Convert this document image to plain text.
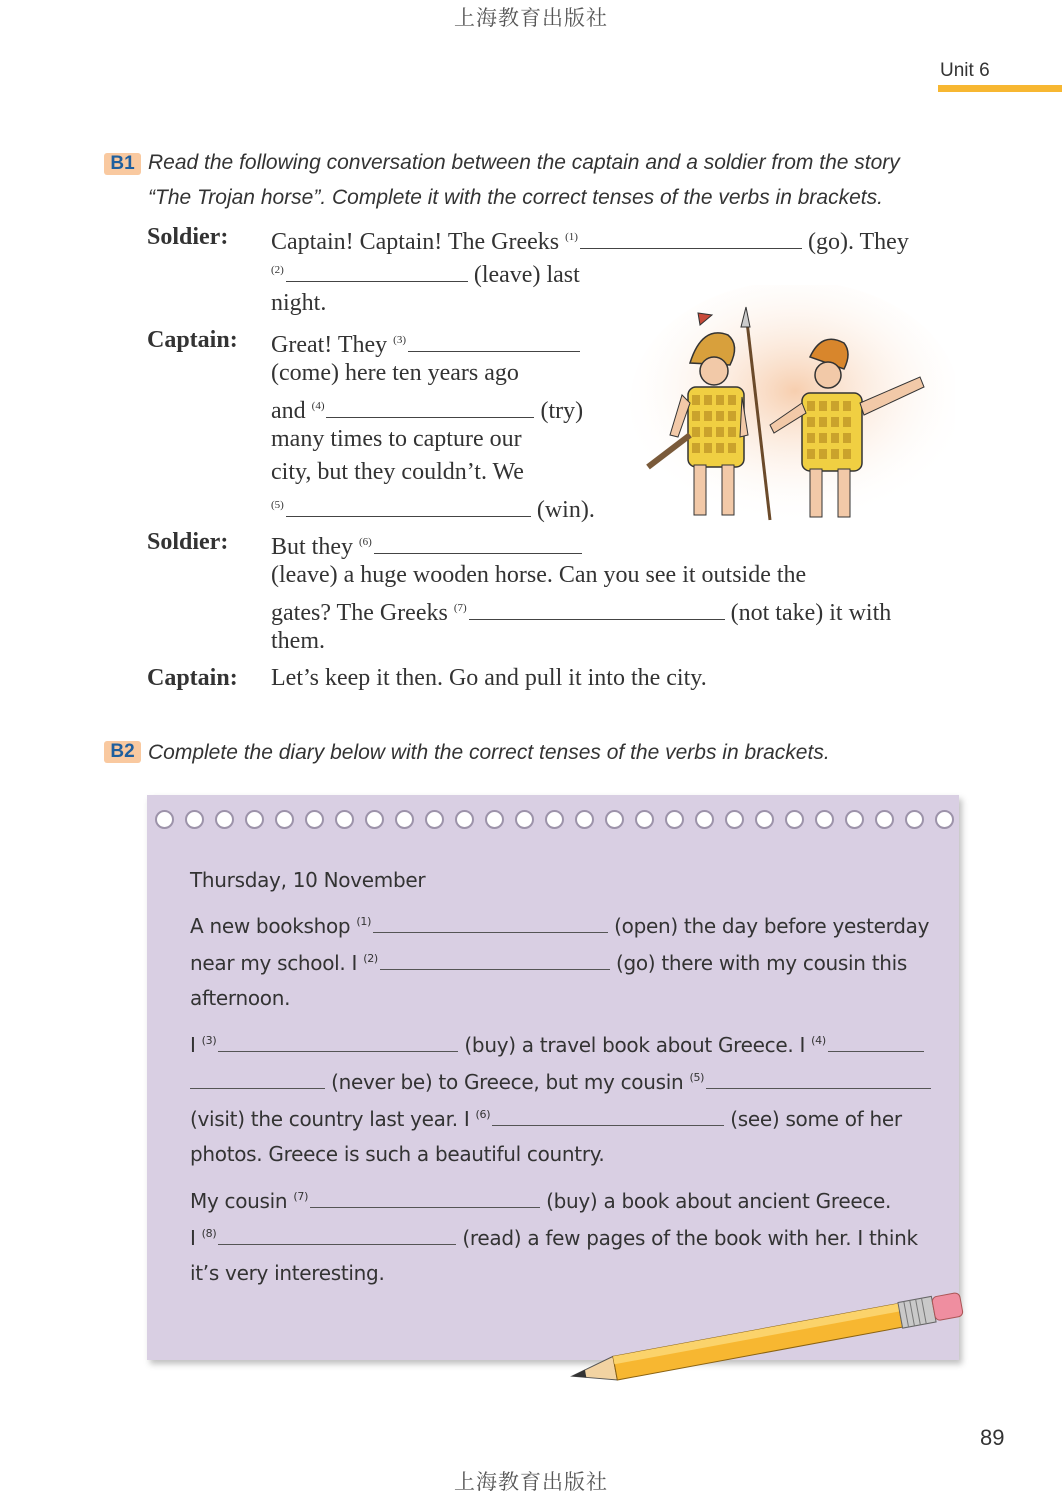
上海教育出版社
Unit 6
B1 Read the following conversation between the captain and a soldier from the story
“The Trojan horse”. Complete it with the correct tenses of the verbs in brackets.
Soldier: Captain! Captain! The Greeks $^{(1)}$	(go). They
$^{(2)}$	(leave) last
night.
Captain: Great! They $^{(3)}$
(come) here ten years ago
and $^{(4)}$	(try)
many times to capture our
city, but they couldn’t. We
$^{(5)}$	(win).
Soldier: But they $^{(6)}$
(leave) a huge wooden horse. Can you see it outside the
gates? The Greeks $^{(7)}$	(not take) it with
them.
Captain: Let’s keep it then. Go and pull it into the city.
B2 Complete the diary below with the correct tenses of the verbs in brackets.
Thursday, 10 November
A new bookshop $^{(1)}$	(open) the day before yesterday
near my school. I $^{(2)}$	(go) there with my cousin this
afternoon.
I $^{(3)}$	(buy) a travel book about Greece. I $^{(4)}$
(never be) to Greece, but my cousin $^{(5)}$
(visit) the country last year. I $^{(6)}$	(see) some of her
photos. Greece is such a beautiful country.
My cousin $^{(7)}$	(buy) a book about ancient Greece.
I $^{(8)}$	(read) a few pages of the book with her. I think
it’s very interesting.
89
上海教育出版社
